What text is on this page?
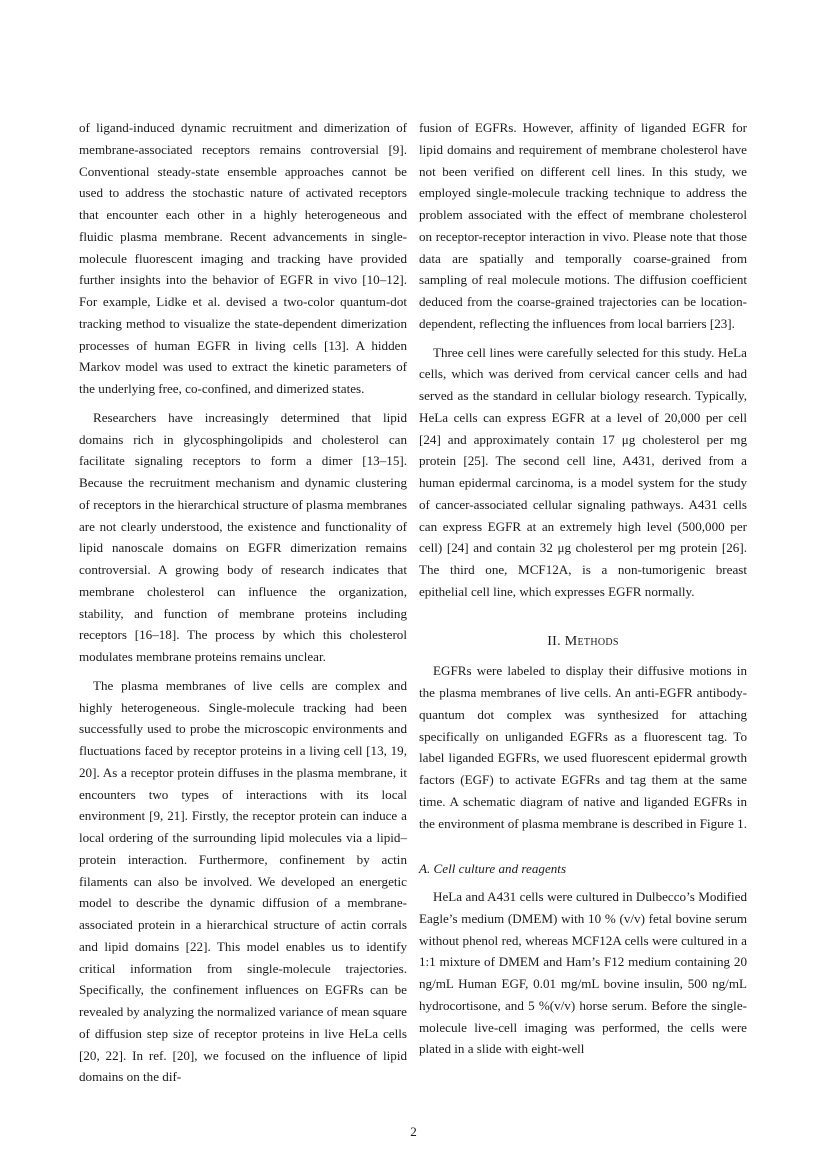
of ligand-induced dynamic recruitment and dimerization of membrane-associated receptors remains controversial [9]. Conventional steady-state ensemble approaches cannot be used to address the stochastic nature of activated receptors that encounter each other in a highly heterogeneous and fluidic plasma membrane. Recent advancements in single-molecule fluorescent imaging and tracking have provided further insights into the behavior of EGFR in vivo [10–12]. For example, Lidke et al. devised a two-color quantum-dot tracking method to visualize the state-dependent dimerization processes of human EGFR in living cells [13]. A hidden Markov model was used to extract the kinetic parameters of the underlying free, co-confined, and dimerized states.

Researchers have increasingly determined that lipid domains rich in glycosphingolipids and cholesterol can facilitate signaling receptors to form a dimer [13–15]. Because the recruitment mechanism and dynamic clustering of receptors in the hierarchical structure of plasma membranes are not clearly understood, the existence and functionality of lipid nanoscale domains on EGFR dimerization remains controversial. A growing body of research indicates that membrane cholesterol can influence the organization, stability, and function of membrane proteins including receptors [16–18]. The process by which this cholesterol modulates membrane proteins remains unclear.

The plasma membranes of live cells are complex and highly heterogeneous. Single-molecule tracking had been successfully used to probe the microscopic environments and fluctuations faced by receptor proteins in a living cell [13, 19, 20]. As a receptor protein diffuses in the plasma membrane, it encounters two types of interactions with its local environment [9, 21]. Firstly, the receptor protein can induce a local ordering of the surrounding lipid molecules via a lipid–protein interaction. Furthermore, confinement by actin filaments can also be involved. We developed an energetic model to describe the dynamic diffusion of a membrane-associated protein in a hierarchical structure of actin corrals and lipid domains [22]. This model enables us to identify critical information from single-molecule trajectories. Specifically, the confinement influences on EGFRs can be revealed by analyzing the normalized variance of mean square of diffusion step size of receptor proteins in live HeLa cells [20, 22]. In ref. [20], we focused on the influence of lipid domains on the dif-

fusion of EGFRs. However, affinity of liganded EGFR for lipid domains and requirement of membrane cholesterol have not been verified on different cell lines. In this study, we employed single-molecule tracking technique to address the problem associated with the effect of membrane cholesterol on receptor-receptor interaction in vivo. Please note that those data are spatially and temporally coarse-grained from sampling of real molecule motions. The diffusion coefficient deduced from the coarse-grained trajectories can be location-dependent, reflecting the influences from local barriers [23].

Three cell lines were carefully selected for this study. HeLa cells, which was derived from cervical cancer cells and had served as the standard in cellular biology research. Typically, HeLa cells can express EGFR at a level of 20,000 per cell [24] and approximately contain 17 μg cholesterol per mg protein [25]. The second cell line, A431, derived from a human epidermal carcinoma, is a model system for the study of cancer-associated cellular signaling pathways. A431 cells can express EGFR at an extremely high level (500,000 per cell) [24] and contain 32 μg cholesterol per mg protein [26]. The third one, MCF12A, is a non-tumorigenic breast epithelial cell line, which expresses EGFR normally.

II. Methods

EGFRs were labeled to display their diffusive motions in the plasma membranes of live cells. An anti-EGFR antibody-quantum dot complex was synthesized for attaching specifically on unliganded EGFRs as a fluorescent tag. To label liganded EGFRs, we used fluorescent epidermal growth factors (EGF) to activate EGFRs and tag them at the same time. A schematic diagram of native and liganded EGFRs in the environment of plasma membrane is described in Figure 1.

A. Cell culture and reagents

HeLa and A431 cells were cultured in Dulbecco’s Modified Eagle’s medium (DMEM) with 10 % (v/v) fetal bovine serum without phenol red, whereas MCF12A cells were cultured in a 1:1 mixture of DMEM and Ham’s F12 medium containing 20 ng/mL Human EGF, 0.01 mg/mL bovine insulin, 500 ng/mL hydrocortisone, and 5 %(v/v) horse serum. Before the single-molecule live-cell imaging was performed, the cells were plated in a slide with eight-well

2
